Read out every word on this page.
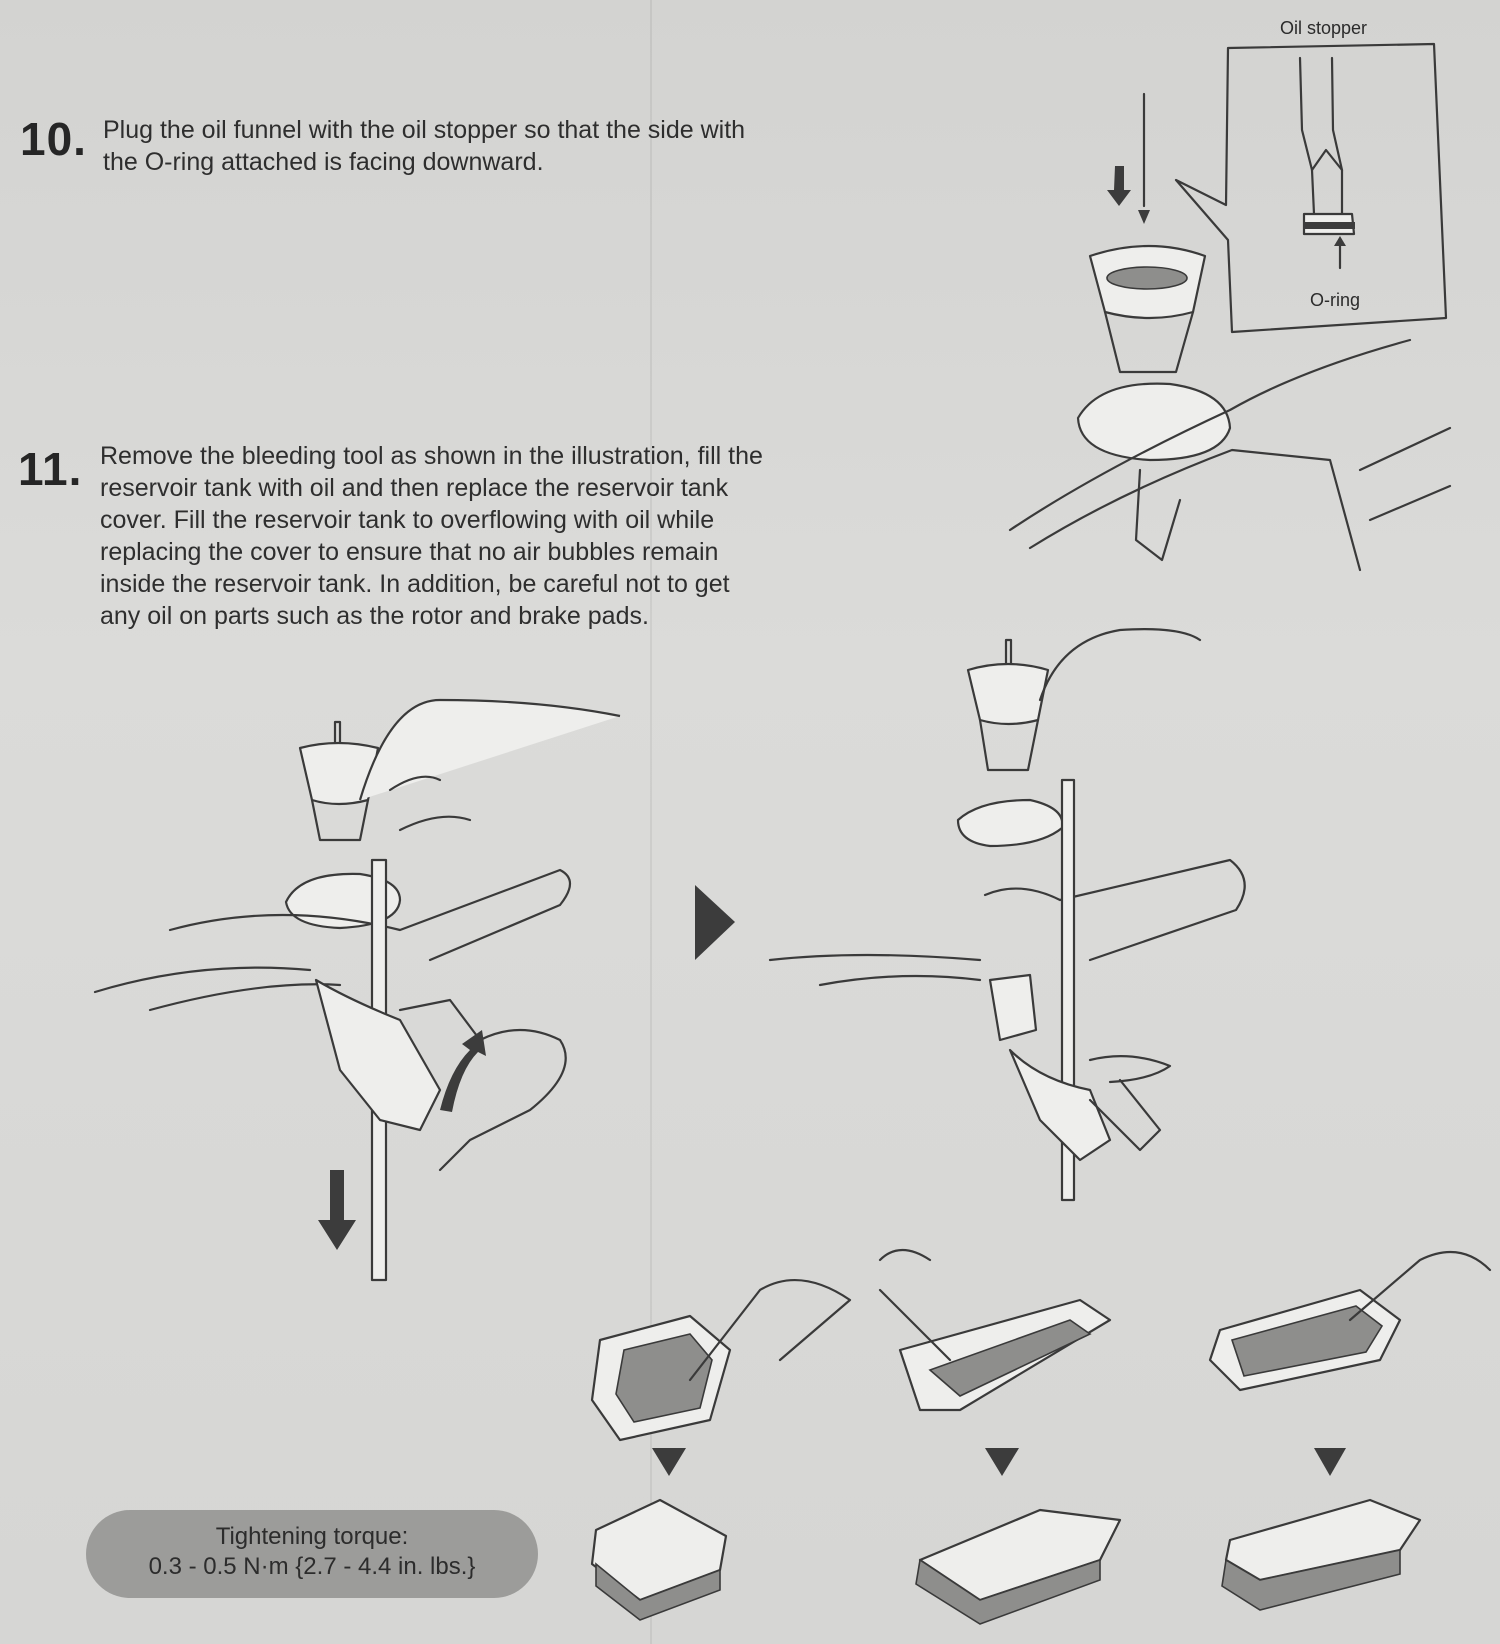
10. Plug the oil funnel with the oil stopper so that the side with
the O-ring attached is facing downward.
11. Remove the bleeding tool as shown in the illustration, fill the
reservoir tank with oil and then replace the reservoir tank
cover. Fill the reservoir tank to overflowing with oil while
replacing the cover to ensure that no air bubbles remain
inside the reservoir tank. In addition, be careful not to get
any oil on parts such as the rotor and brake pads.
Oil stopper
O-ring
Tightening torque:
0.3 - 0.5 N·m {2.7 - 4.4 in. lbs.}
